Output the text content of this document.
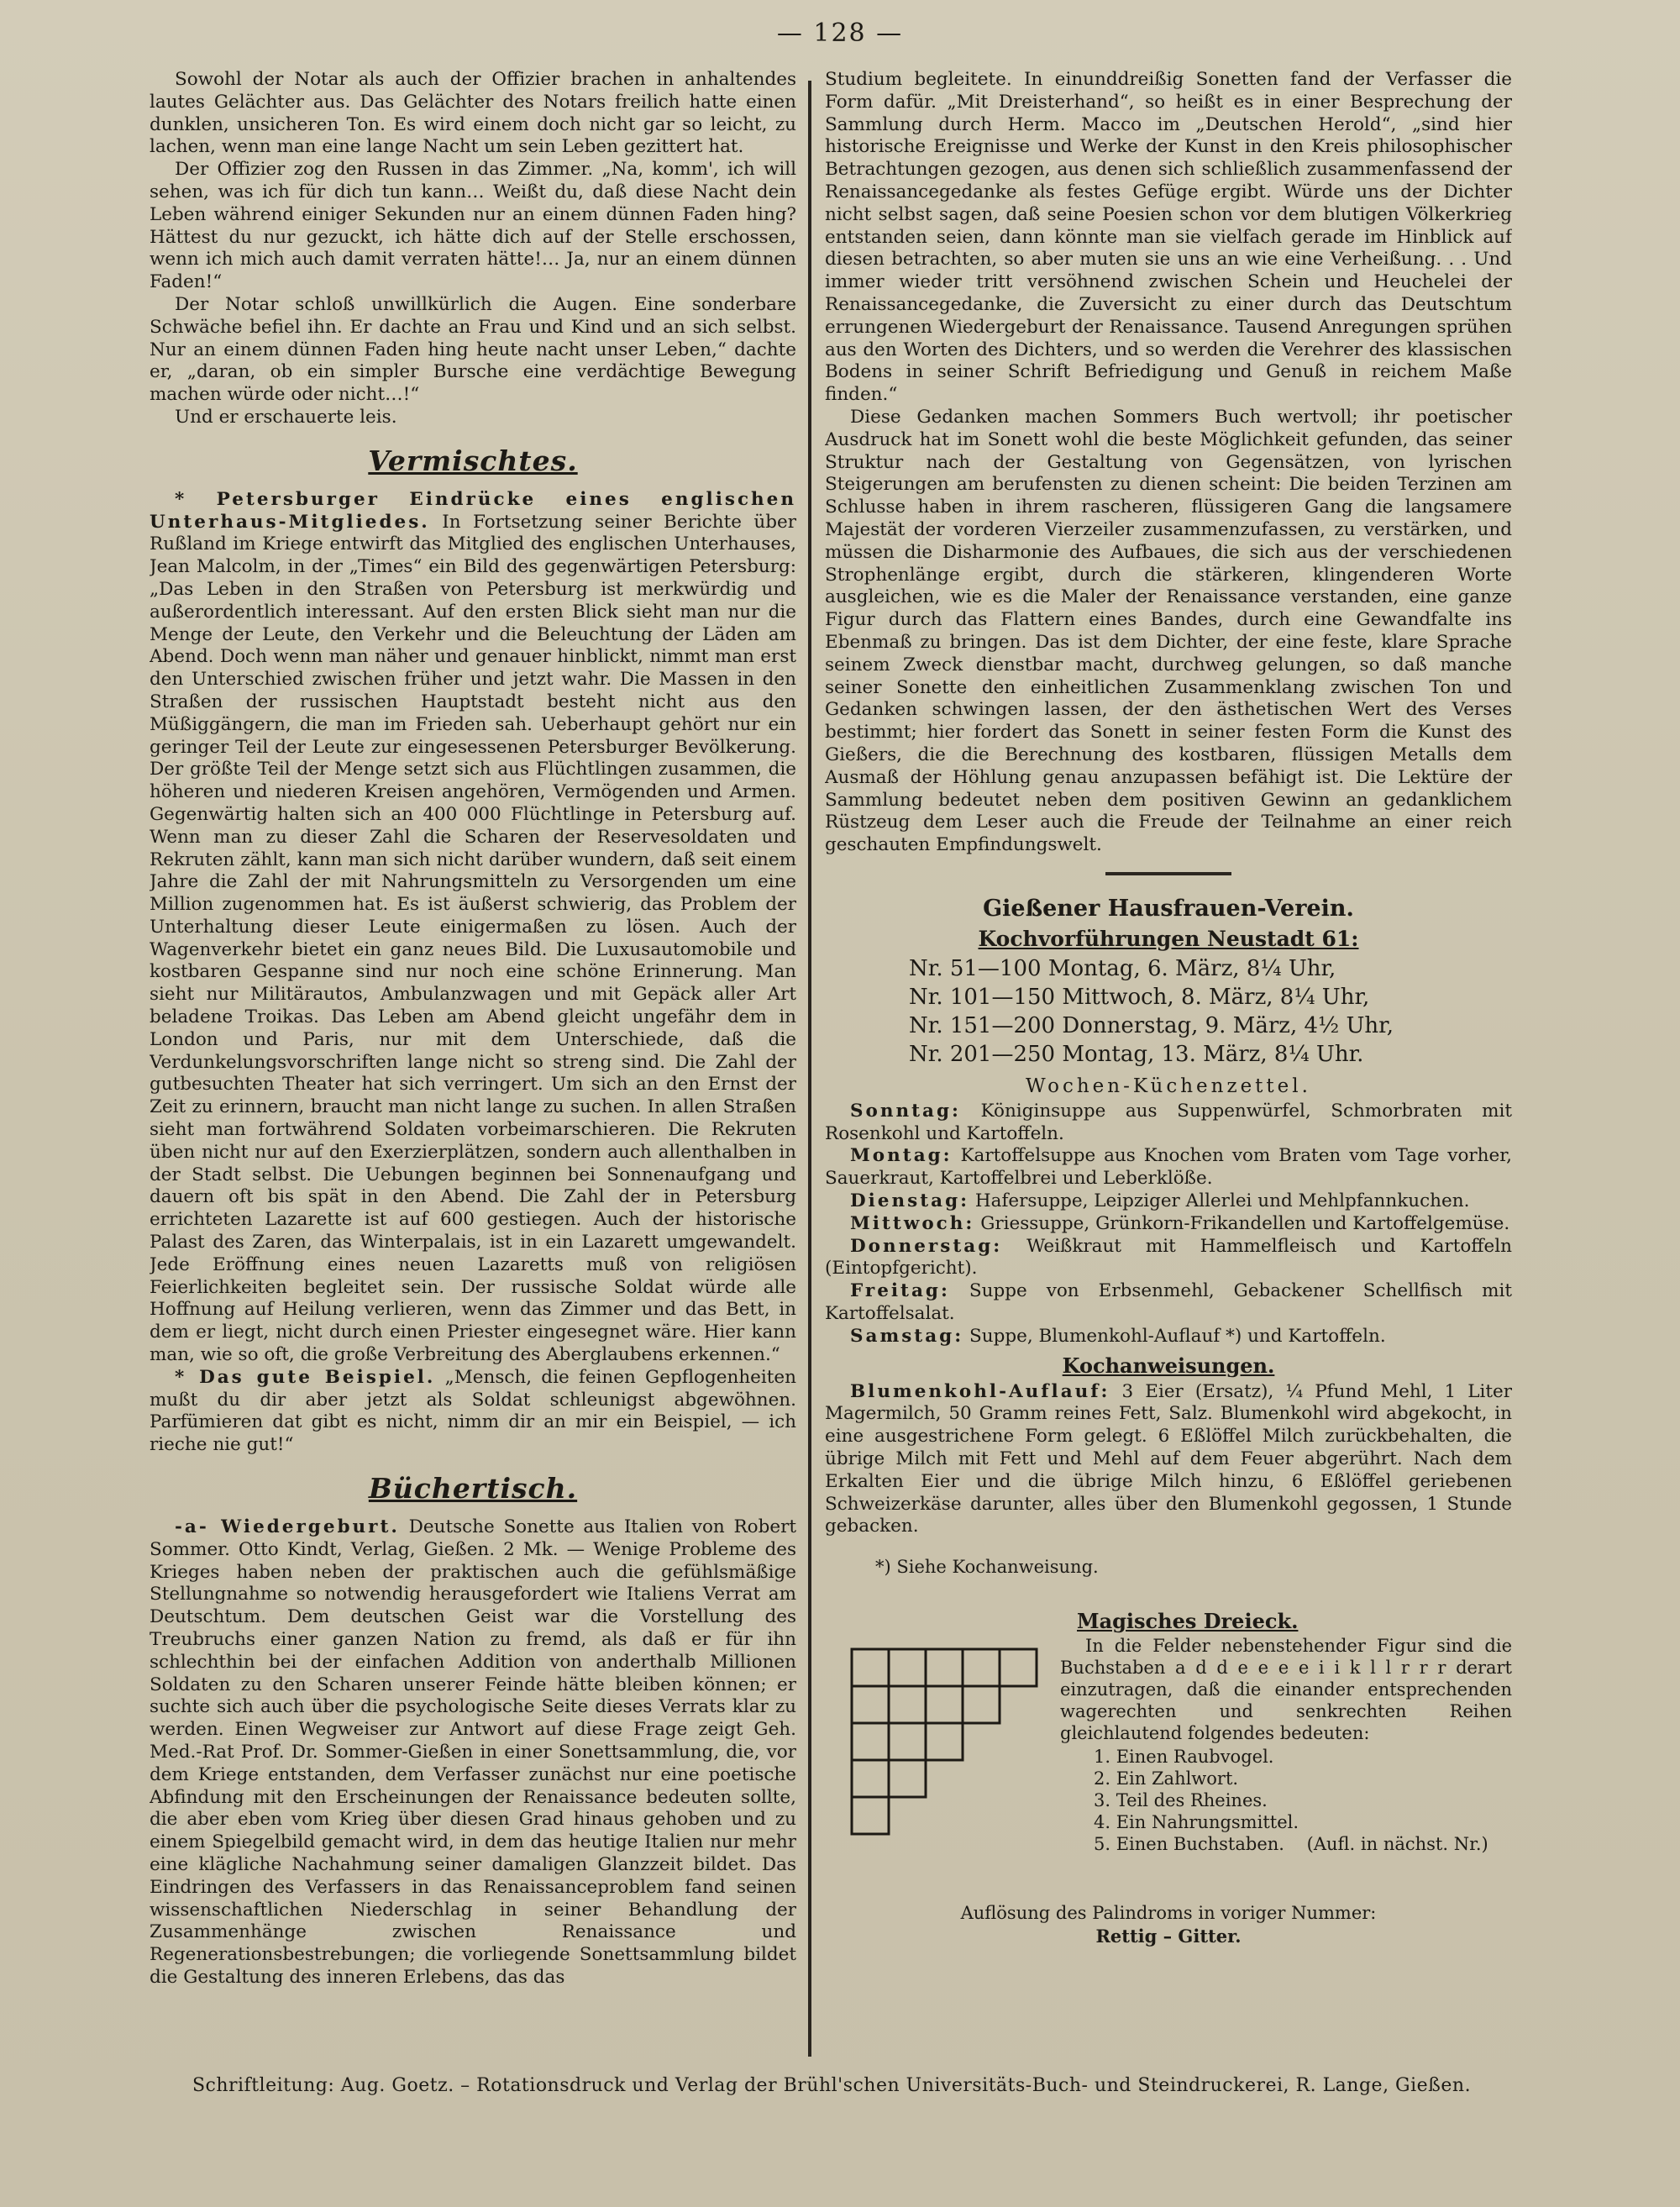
— 128 —

Sowohl der Notar als auch der Offizier brachen in anhaltendes lautes Gelächter aus. Das Gelächter des Notars freilich hatte einen dunklen, unsicheren Ton. Es wird einem doch nicht gar so leicht, zu lachen, wenn man eine lange Nacht um sein Leben gezittert hat.

Der Offizier zog den Russen in das Zimmer. „Na, komm', ich will sehen, was ich für dich tun kann… Weißt du, daß diese Nacht dein Leben während einiger Sekunden nur an einem dünnen Faden hing? Hättest du nur gezuckt, ich hätte dich auf der Stelle erschossen, wenn ich mich auch damit verraten hätte!… Ja, nur an einem dünnen Faden!“

Der Notar schloß unwillkürlich die Augen. Eine sonderbare Schwäche befiel ihn. Er dachte an Frau und Kind und an sich selbst. Nur an einem dünnen Faden hing heute nacht unser Leben,“ dachte er, „daran, ob ein simpler Bursche eine verdächtige Bewegung machen würde oder nicht…!“

Und er erschauerte leis.

Vermischtes.

* Petersburger Eindrücke eines englischen Unterhaus-Mitgliedes. In Fortsetzung seiner Berichte über Rußland im Kriege entwirft das Mitglied des englischen Unterhauses, Jean Malcolm, in der „Times“ ein Bild des gegenwärtigen Petersburg: „Das Leben in den Straßen von Petersburg ist merkwürdig und außerordentlich interessant. Auf den ersten Blick sieht man nur die Menge der Leute, den Verkehr und die Beleuchtung der Läden am Abend. Doch wenn man näher und genauer hinblickt, nimmt man erst den Unterschied zwischen früher und jetzt wahr. Die Massen in den Straßen der russischen Hauptstadt besteht nicht aus den Müßiggängern, die man im Frieden sah. Ueberhaupt gehört nur ein geringer Teil der Leute zur eingesessenen Petersburger Bevölkerung. Der größte Teil der Menge setzt sich aus Flüchtlingen zusammen, die höheren und niederen Kreisen angehören, Vermögenden und Armen. Gegenwärtig halten sich an 400 000 Flüchtlinge in Petersburg auf. Wenn man zu dieser Zahl die Scharen der Reservesoldaten und Rekruten zählt, kann man sich nicht darüber wundern, daß seit einem Jahre die Zahl der mit Nahrungsmitteln zu Versorgenden um eine Million zugenommen hat. Es ist äußerst schwierig, das Problem der Unterhaltung dieser Leute einigermaßen zu lösen. Auch der Wagenverkehr bietet ein ganz neues Bild. Die Luxusautomobile und kostbaren Gespanne sind nur noch eine schöne Erinnerung. Man sieht nur Militärautos, Ambulanzwagen und mit Gepäck aller Art beladene Troikas. Das Leben am Abend gleicht ungefähr dem in London und Paris, nur mit dem Unterschiede, daß die Verdunkelungsvorschriften lange nicht so streng sind. Die Zahl der gutbesuchten Theater hat sich verringert. Um sich an den Ernst der Zeit zu erinnern, braucht man nicht lange zu suchen. In allen Straßen sieht man fortwährend Soldaten vorbeimarschieren. Die Rekruten üben nicht nur auf den Exerzierplätzen, sondern auch allenthalben in der Stadt selbst. Die Uebungen beginnen bei Sonnenaufgang und dauern oft bis spät in den Abend. Die Zahl der in Petersburg errichteten Lazarette ist auf 600 gestiegen. Auch der historische Palast des Zaren, das Winterpalais, ist in ein Lazarett umgewandelt. Jede Eröffnung eines neuen Lazaretts muß von religiösen Feierlichkeiten begleitet sein. Der russische Soldat würde alle Hoffnung auf Heilung verlieren, wenn das Zimmer und das Bett, in dem er liegt, nicht durch einen Priester eingesegnet wäre. Hier kann man, wie so oft, die große Verbreitung des Aberglaubens erkennen.“

* Das gute Beispiel. „Mensch, die feinen Gepflogenheiten mußt du dir aber jetzt als Soldat schleunigst abgewöhnen. Parfümieren dat gibt es nicht, nimm dir an mir ein Beispiel, — ich rieche nie gut!“

Büchertisch.

-a- Wiedergeburt. Deutsche Sonette aus Italien von Robert Sommer. Otto Kindt, Verlag, Gießen. 2 Mk. — Wenige Probleme des Krieges haben neben der praktischen auch die gefühlsmäßige Stellungnahme so notwendig herausgefordert wie Italiens Verrat am Deutschtum. Dem deutschen Geist war die Vorstellung des Treubruchs einer ganzen Nation zu fremd, als daß er für ihn schlechthin bei der einfachen Addition von anderthalb Millionen Soldaten zu den Scharen unserer Feinde hätte bleiben können; er suchte sich auch über die psychologische Seite dieses Verrats klar zu werden. Einen Wegweiser zur Antwort auf diese Frage zeigt Geh. Med.-Rat Prof. Dr. Sommer-Gießen in einer Sonettsammlung, die, vor dem Kriege entstanden, dem Verfasser zunächst nur eine poetische Abfindung mit den Erscheinungen der Renaissance bedeuten sollte, die aber eben vom Krieg über diesen Grad hinaus gehoben und zu einem Spiegelbild gemacht wird, in dem das heutige Italien nur mehr eine klägliche Nachahmung seiner damaligen Glanzzeit bildet. Das Eindringen des Verfassers in das Renaissanceproblem fand seinen wissenschaftlichen Niederschlag in seiner Behandlung der Zusammenhänge zwischen Renaissance und Regenerationsbestrebungen; die vorliegende Sonettsammlung bildet die Gestaltung des inneren Erlebens, das das

Studium begleitete. In einunddreißig Sonetten fand der Verfasser die Form dafür. „Mit Dreisterhand“, so heißt es in einer Besprechung der Sammlung durch Herm. Macco im „Deutschen Herold“, „sind hier historische Ereignisse und Werke der Kunst in den Kreis philosophischer Betrachtungen gezogen, aus denen sich schließlich zusammenfassend der Renaissancegedanke als festes Gefüge ergibt. Würde uns der Dichter nicht selbst sagen, daß seine Poesien schon vor dem blutigen Völkerkrieg entstanden seien, dann könnte man sie vielfach gerade im Hinblick auf diesen betrachten, so aber muten sie uns an wie eine Verheißung. . . Und immer wieder tritt versöhnend zwischen Schein und Heuchelei der Renaissancegedanke, die Zuversicht zu einer durch das Deutschtum errungenen Wiedergeburt der Renaissance. Tausend Anregungen sprühen aus den Worten des Dichters, und so werden die Verehrer des klassischen Bodens in seiner Schrift Befriedigung und Genuß in reichem Maße finden.“

Diese Gedanken machen Sommers Buch wertvoll; ihr poetischer Ausdruck hat im Sonett wohl die beste Möglichkeit gefunden, das seiner Struktur nach der Gestaltung von Gegensätzen, von lyrischen Steigerungen am berufensten zu dienen scheint: Die beiden Terzinen am Schlusse haben in ihrem rascheren, flüssigeren Gang die langsamere Majestät der vorderen Vierzeiler zusammenzufassen, zu verstärken, und müssen die Disharmonie des Aufbaues, die sich aus der verschiedenen Strophenlänge ergibt, durch die stärkeren, klingenderen Worte ausgleichen, wie es die Maler der Renaissance verstanden, eine ganze Figur durch das Flattern eines Bandes, durch eine Gewandfalte ins Ebenmaß zu bringen. Das ist dem Dichter, der eine feste, klare Sprache seinem Zweck dienstbar macht, durchweg gelungen, so daß manche seiner Sonette den einheitlichen Zusammenklang zwischen Ton und Gedanken schwingen lassen, der den ästhetischen Wert des Verses bestimmt; hier fordert das Sonett in seiner festen Form die Kunst des Gießers, die die Berechnung des kostbaren, flüssigen Metalls dem Ausmaß der Höhlung genau anzupassen befähigt ist. Die Lektüre der Sammlung bedeutet neben dem positiven Gewinn an gedanklichem Rüstzeug dem Leser auch die Freude der Teilnahme an einer reich geschauten Empfindungswelt.

Gießener Hausfrauen-Verein.
Kochvorführungen Neustadt 61:
Nr. 51—100 Montag, 6. März, 8¼ Uhr,
Nr. 101—150 Mittwoch, 8. März, 8¼ Uhr,
Nr. 151—200 Donnerstag, 9. März, 4½ Uhr,
Nr. 201—250 Montag, 13. März, 8¼ Uhr.
Wochen-Küchenzettel.

Sonntag: Königinsuppe aus Suppenwürfel, Schmorbraten mit Rosenkohl und Kartoffeln.

Montag: Kartoffelsuppe aus Knochen vom Braten vom Tage vorher, Sauerkraut, Kartoffelbrei und Leberklöße.

Dienstag: Hafersuppe, Leipziger Allerlei und Mehlpfannkuchen.

Mittwoch: Griessuppe, Grünkorn-Frikandellen und Kartoffelgemüse.

Donnerstag: Weißkraut mit Hammelfleisch und Kartoffeln (Eintopfgericht).

Freitag: Suppe von Erbsenmehl, Gebackener Schellfisch mit Kartoffelsalat.

Samstag: Suppe, Blumenkohl-Auflauf *) und Kartoffeln.

Kochanweisungen.

Blumenkohl-Auflauf: 3 Eier (Ersatz), ¼ Pfund Mehl, 1 Liter Magermilch, 50 Gramm reines Fett, Salz. Blumenkohl wird abgekocht, in eine ausgestrichene Form gelegt. 6 Eßlöffel Milch zurückbehalten, die übrige Milch mit Fett und Mehl auf dem Feuer abgerührt. Nach dem Erkalten Eier und die übrige Milch hinzu, 6 Eßlöffel geriebenen Schweizerkäse darunter, alles über den Blumenkohl gegossen, 1 Stunde gebacken.

*) Siehe Kochanweisung.
Magisches Dreieck.

In die Felder nebenstehender Figur sind die Buchstaben a d d e e e e i i k l l r r r derart einzutragen, daß die einander entsprechenden wagerechten und senkrechten Reihen gleichlautend folgendes bedeuten:

1. Einen Raubvogel.
2. Ein Zahlwort.
3. Teil des Rheines.
4. Ein Nahrungsmittel.
5. Einen Buchstaben. (Aufl. in nächst. Nr.)
Auflösung des Palindroms in voriger Nummer:
Rettig – Gitter.
Schriftleitung: Aug. Goetz. – Rotationsdruck und Verlag der Brühl'schen Universitäts-Buch- und Steindruckerei, R. Lange, Gießen.
